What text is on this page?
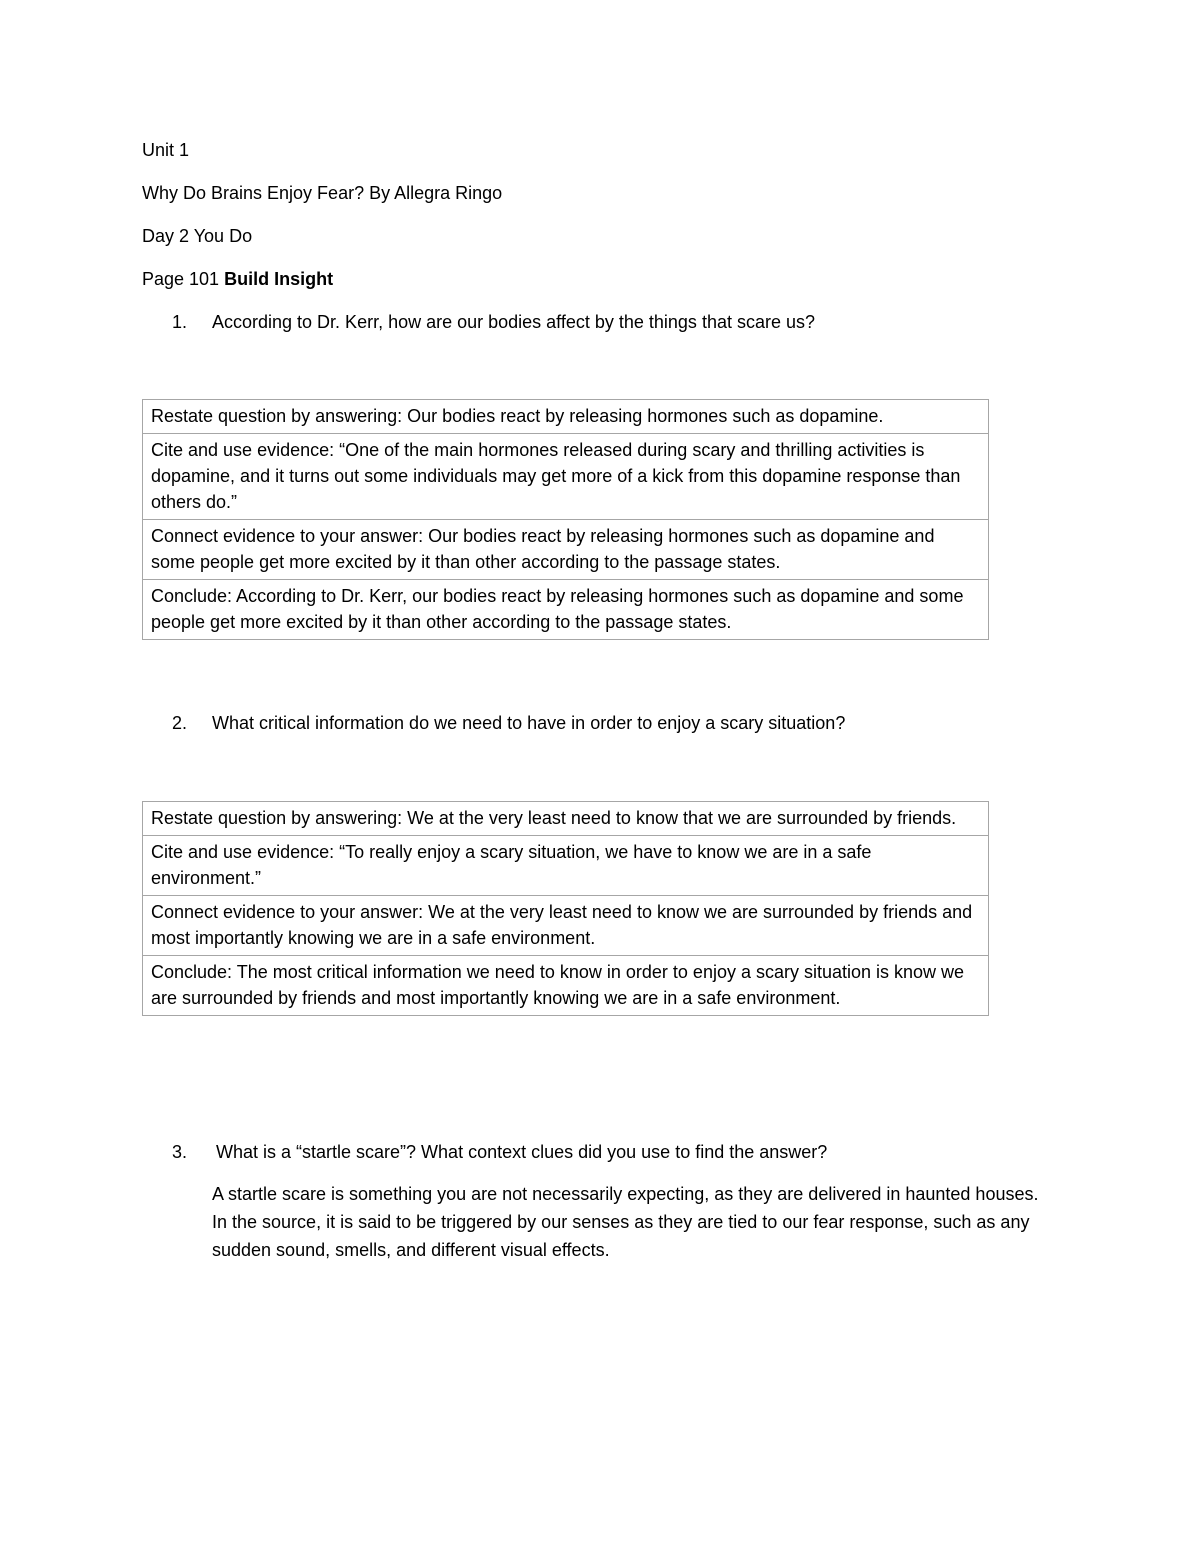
Unit 1
Why Do Brains Enjoy Fear? By Allegra Ringo
Day 2 You Do
Page 101 Build Insight
1. According to Dr. Kerr, how are our bodies affect by the things that scare us?
Restate question by answering: Our bodies react by releasing hormones such as dopamine.
Cite and use evidence: “One of the main hormones released during scary and thrilling activities is dopamine, and it turns out some individuals may get more of a kick from this dopamine response than others do.”
Connect evidence to your answer: Our bodies react by releasing hormones such as dopamine and some people get more excited by it than other according to the passage states.
Conclude: According to Dr. Kerr, our bodies react by releasing hormones such as dopamine and some people get more excited by it than other according to the passage states.
2. What critical information do we need to have in order to enjoy a scary situation?
Restate question by answering: We at the very least need to know that we are surrounded by friends.
Cite and use evidence: “To really enjoy a scary situation, we have to know we are in a safe environment.”
Connect evidence to your answer: We at the very least need to know we are surrounded by friends and most importantly knowing we are in a safe environment.
Conclude: The most critical information we need to know in order to enjoy a scary situation is know we are surrounded by friends and most importantly knowing we are in a safe environment.
3. What is a “startle scare”? What context clues did you use to find the answer?
A startle scare is something you are not necessarily expecting, as they are delivered in haunted houses. In the source, it is said to be triggered by our senses as they are tied to our fear response, such as any sudden sound, smells, and different visual effects.
